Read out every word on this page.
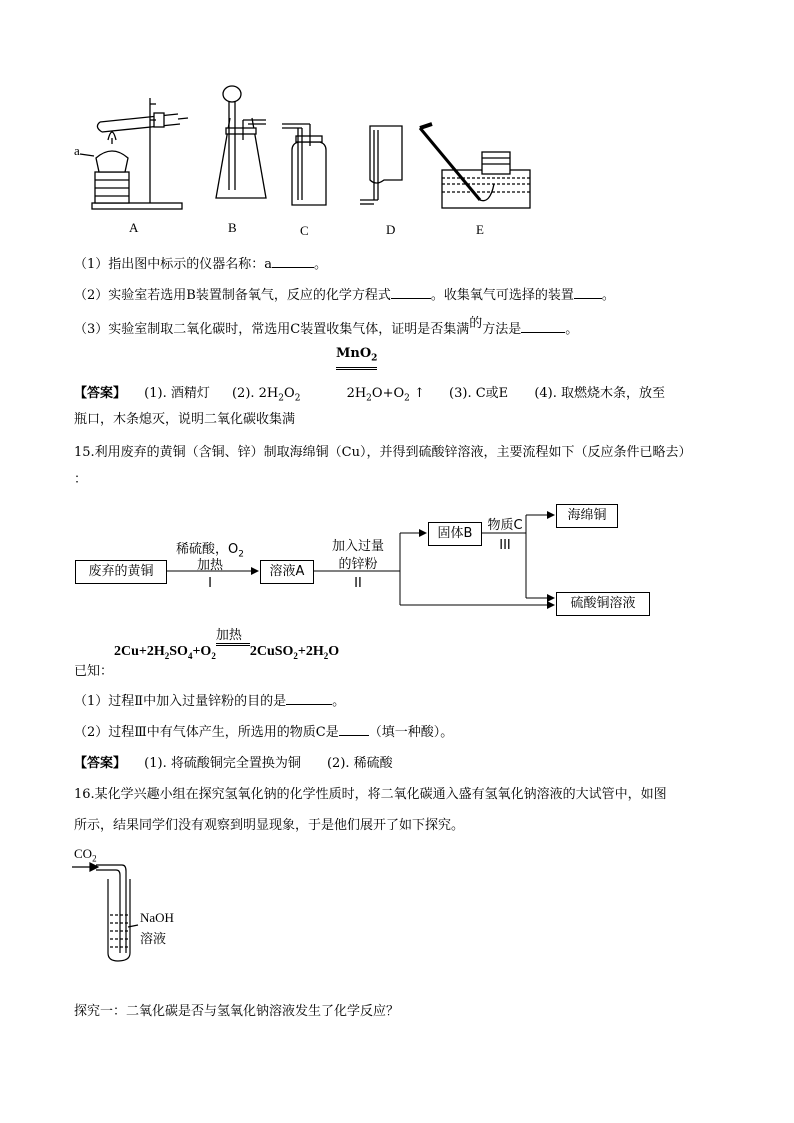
a
A	B	C	D	E
（1）指出图中标示的仪器名称：a	。
（2）实验室若选用B装置制备氧气，反应的化学方程式	。收集氧气可选择的装置 。
（3）实验室制取二氧化碳时，常选用C装置收集气体，证明是否集满的方法是	。
MnO$_2$
【答案】 (1). 酒精灯 (2). $2H_2O_2$	$2H_2O+O_2$ ↑ (3). C或E (4). 取燃烧木条，放至
瓶口，木条熄灭，说明二氧化碳收集满
15.利用废弃的黄铜（含铜、锌）制取海绵铜（Cu），并得到硫酸锌溶液，主要流程如下（反应条件已略去）
：
废弃的黄铜	溶液A
固体B
海绵铜
硫酸铜溶液
稀硫酸，$O_2$
加热
I
加入过量
的锌粉
II
物质C
III
$2Cu+2H_2SO_4+O_2$
加热
$2CuSO_2+2H_2O$
已知：
（1）过程Ⅱ中加入过量锌粉的目的是	。
（2）过程Ⅲ中有气体产生，所选用的物质C是 （填一种酸）。
【答案】 (1). 将硫酸铜完全置换为铜 (2). 稀硫酸
16.某化学兴趣小组在探究氢氧化钠的化学性质时，将二氧化碳通入盛有氢氧化钠溶液的大试管中，如图
所示，结果同学们没有观察到明显现象，于是他们展开了如下探究。
$CO_2$
NaOH
溶液
探究一：二氧化碳是否与氢氧化钠溶液发生了化学反应？
